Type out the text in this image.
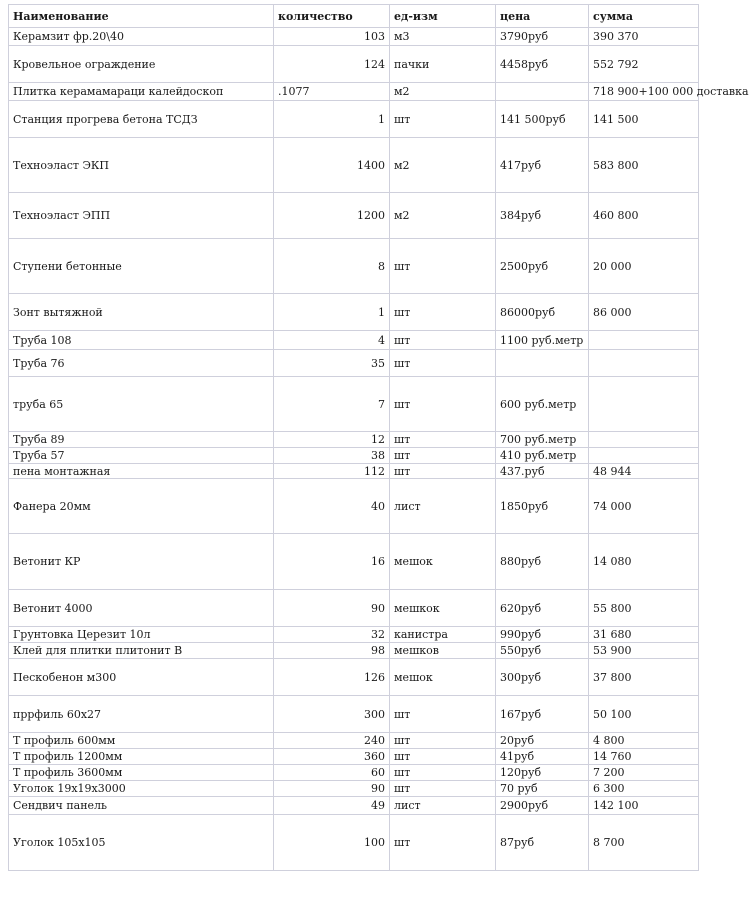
Наименование	количество	ед-изм	цена	сумма
Керамзит фр.20\40	103	м3	3790руб	390 370
Кровельное ограждение	124	пачки	4458руб	552 792
Плитка керамамараци калейдоскоп	.1077	м2		718 900+100 000 доставка
Станция прогрева бетона ТСДЗ	1	шт	141 500руб	141 500
Техноэласт ЭКП	1400	м2	417руб	583 800
Техноэласт ЭПП	1200	м2	384руб	460 800
Ступени бетонные	8	шт	2500руб	20 000
Зонт вытяжной	1	шт	86000руб	86 000
Труба 108	4	шт	1100 руб.метр	
Труба 76	35	шт		
труба 65	7	шт	600 руб.метр	
Труба 89	12	шт	700 руб.метр	
Труба 57	38	шт	410 руб.метр	
пена монтажная	112	шт	437.руб	48 944
Фанера 20мм	40	лист	1850руб	74 000
Ветонит КР	16	мешок	880руб	14 080
Ветонит 4000	90	мешкок	620руб	55 800
Грунтовка Церезит 10л	32	канистра	990руб	31 680
Клей для плитки плитонит В	98	мешков	550руб	53 900
Пескобенон м300	126	мешок	300руб	37 800
пррфиль 60х27	300	шт	167руб	50 100
Т профиль 600мм	240	шт	20руб	4 800
Т профиль 1200мм	360	шт	41руб	14 760
Т профиль 3600мм	60	шт	120руб	7 200
Уголок 19х19х3000	90	шт	70 руб	6 300
Сендвич панель	49	лист	2900руб	142 100
Уголок 105х105	100	шт	87руб	8 700
